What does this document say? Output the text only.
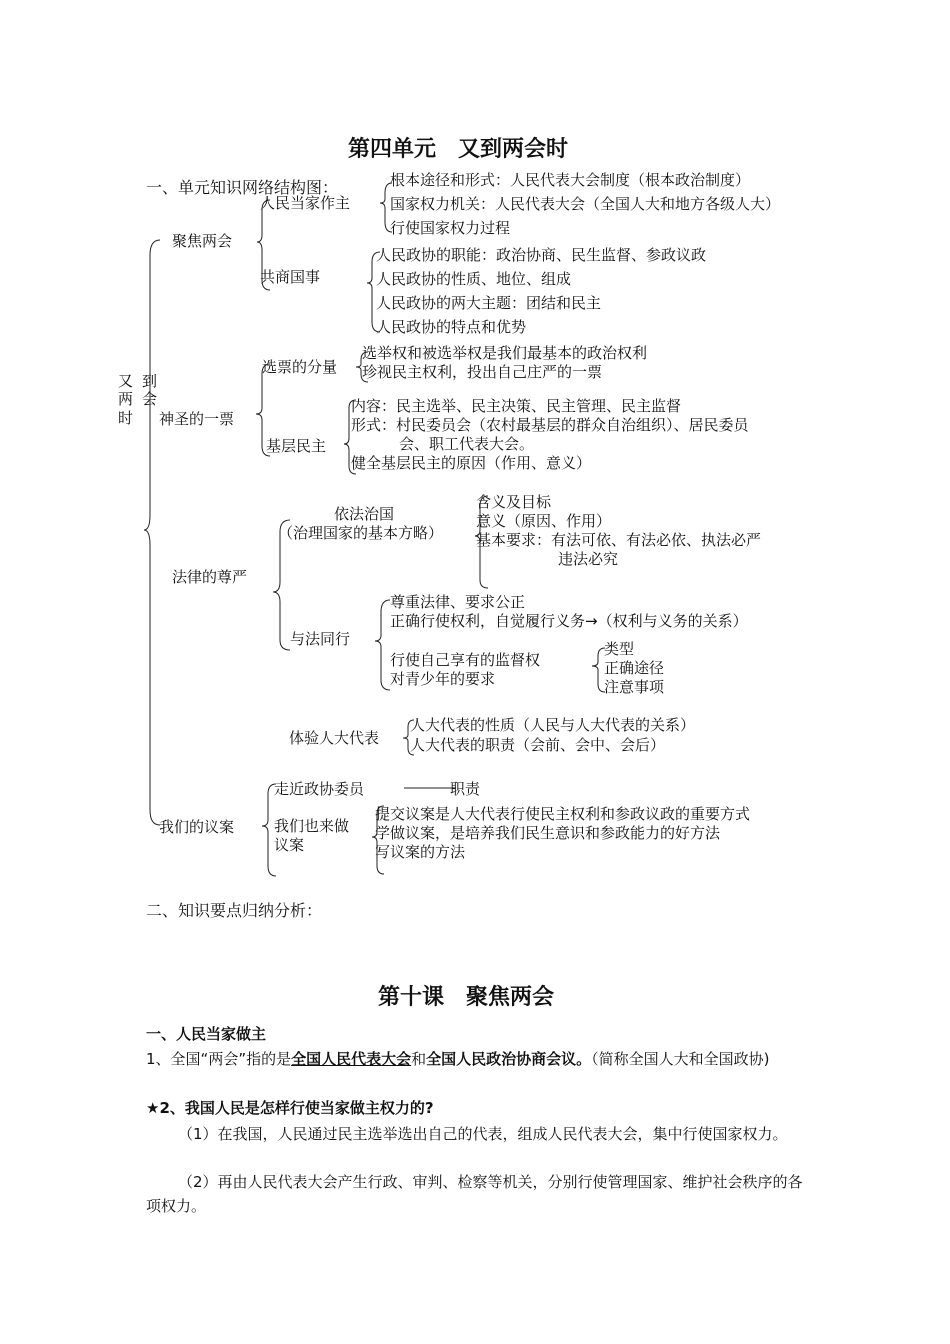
第四单元　又到两会时
一、单元知识网络结构图：
又 到
两 会
时
聚焦两会
人民当家作主
根本途径和形式：人民代表大会制度（根本政治制度）
国家权力机关：人民代表大会（全国人大和地方各级人大）
行使国家权力过程
共商国事
人民政协的职能：政治协商、民生监督、参政议政
人民政协的性质、地位、组成
人民政协的两大主题：团结和民主
人民政协的特点和优势
神圣的一票
选票的分量
选举权和被选举权是我们最基本的政治权利
珍视民主权利，投出自己庄严的一票
基层民主
内容：民主选举、民主决策、民主管理、民主监督
形式：村民委员会（农村最基层的群众自治组织）、居民委员
会、职工代表大会。
健全基层民主的原因（作用、意义）
法律的尊严
依法治国
（治理国家的基本方略）
含义及目标
意义（原因、作用）
基本要求：有法可依、有法必依、执法必严
违法必究
与法同行
尊重法律、要求公正
正确行使权利，自觉履行义务→（权利与义务的关系）
行使自己享有的监督权
对青少年的要求
类型
正确途径
注意事项
体验人大代表
人大代表的性质（人民与人大代表的关系）
人大代表的职责（会前、会中、会后）
我们的议案
走近政协委员	职责
我们也来做
议案
提交议案是人大代表行使民主权利和参政议政的重要方式
学做议案，是培养我们民生意识和参政能力的好方法
写议案的方法
二、知识要点归纳分析：
第十课　聚焦两会
一、人民当家做主
1、全国“两会”指的是全国人民代表大会和全国人民政治协商会议。（简称全国人大和全国政协)
★2、我国人民是怎样行使当家做主权力的?
（1）在我国，人民通过民主选举选出自己的代表，组成人民代表大会，集中行使国家权力。
（2）再由人民代表大会产生行政、审判、检察等机关，分别行使管理国家、维护社会秩序的各项权力。
